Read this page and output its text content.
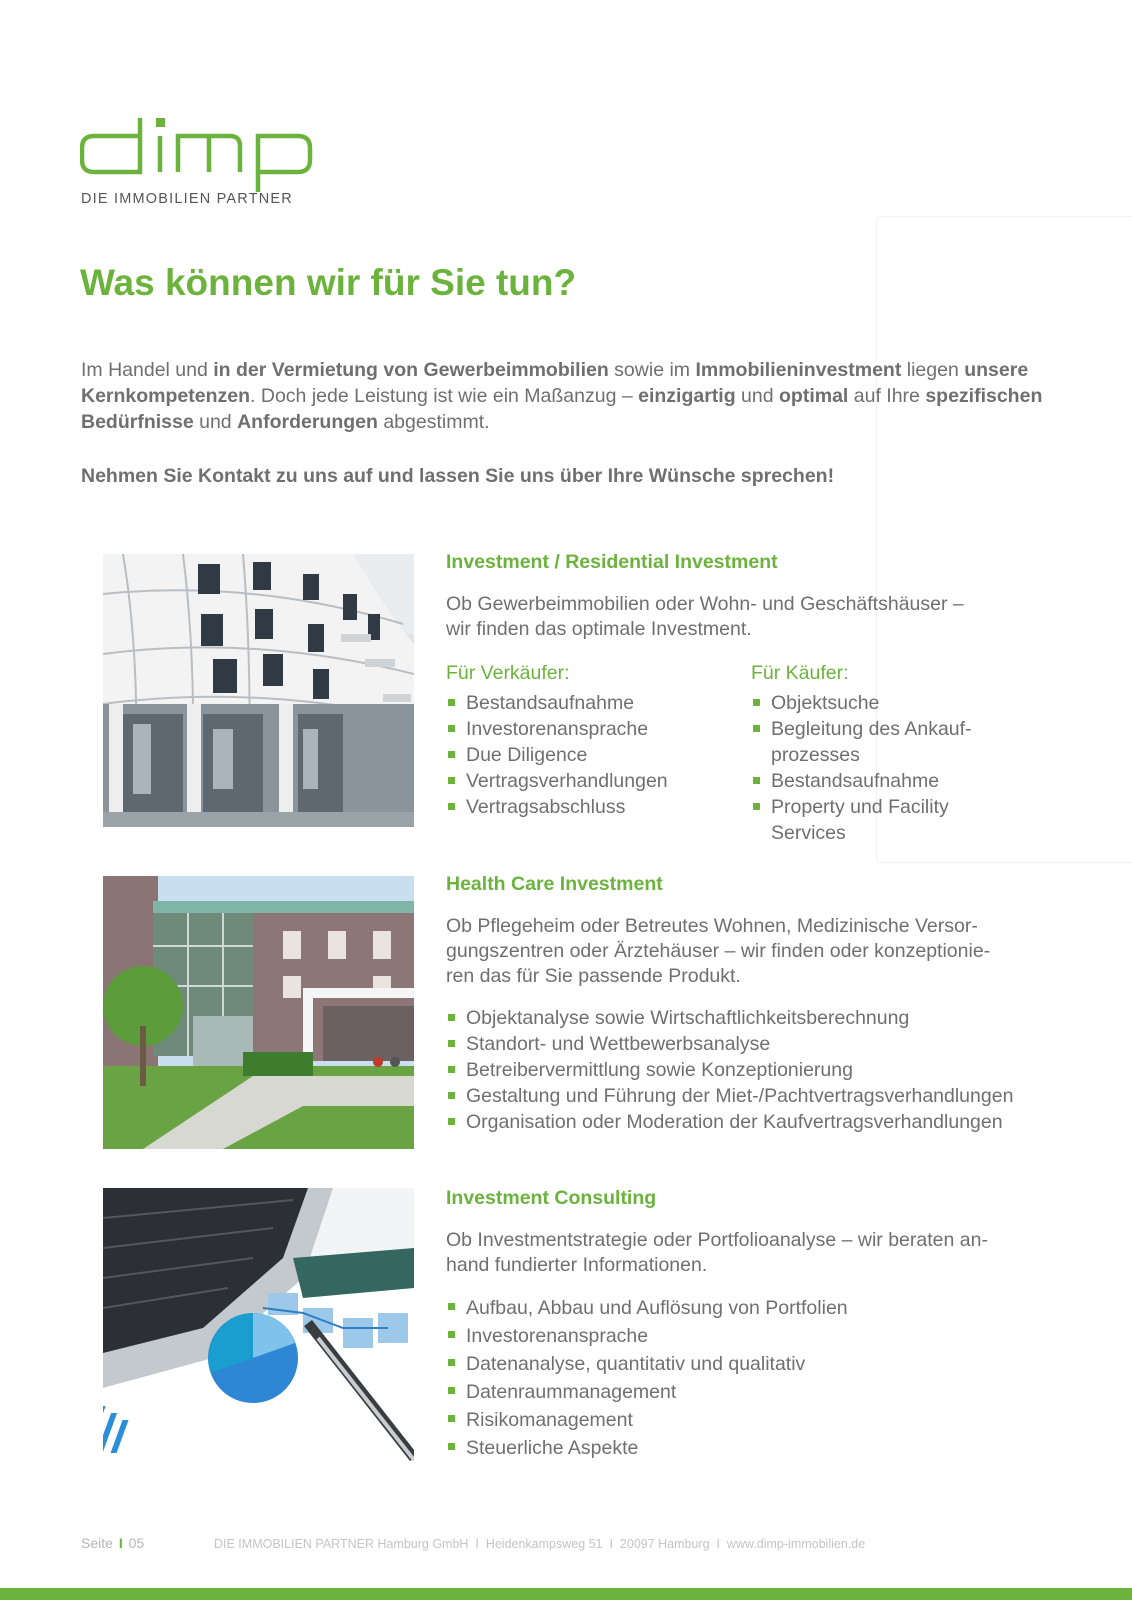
DIE IMMOBILIEN PARTNER
Was können wir für Sie tun?

Im Handel und in der Vermietung von Gewerbeimmobilien sowie im Immobilieninvestment liegen unsere Kernkompetenzen. Doch jede Leistung ist wie ein Maßanzug – einzigartig und optimal auf Ihre spezifischen Bedürfnisse und Anforderungen abgestimmt.

Nehmen Sie Kontakt zu uns auf und lassen Sie uns über Ihre Wünsche sprechen!
Investment / Residential Investment

Ob Gewerbeimmobilien oder Wohn- und Geschäftshäuser –
wir finden das optimale Investment.

Für Verkäufer:
Bestandsaufnahme
Investorenansprache
Due Diligence
Vertragsverhandlungen
Vertragsabschluss
Für Käufer:
Objektsuche
Begleitung des Ankauf-
prozesses
Bestandsaufnahme
Property und Facility
Services
Health Care Investment

Ob Pflegeheim oder Betreutes Wohnen, Medizinische Versor-
gungszentren oder Ärztehäuser – wir finden oder konzeptionie-
ren das für Sie passende Produkt.

Objektanalyse sowie Wirtschaftlichkeitsberechnung
Standort- und Wettbewerbsanalyse
Betreibervermittlung sowie Konzeptionierung
Gestaltung und Führung der Miet-/Pachtvertragsverhandlungen
Organisation oder Moderation der Kaufvertragsverhandlungen
Investment Consulting

Ob Investmentstrategie oder Portfolioanalyse – wir beraten an-
hand fundierter Informationen.

Aufbau, Abbau und Auflösung von Portfolien
Investorenansprache
Datenanalyse, quantitativ und qualitativ
Datenraummanagement
Risikomanagement
Steuerliche Aspekte
Seite I 05	DIE IMMOBILIEN PARTNER Hamburg GmbH  I  Heidenkampsweg 51  I  20097 Hamburg  I  www.dimp-immobilien.de
